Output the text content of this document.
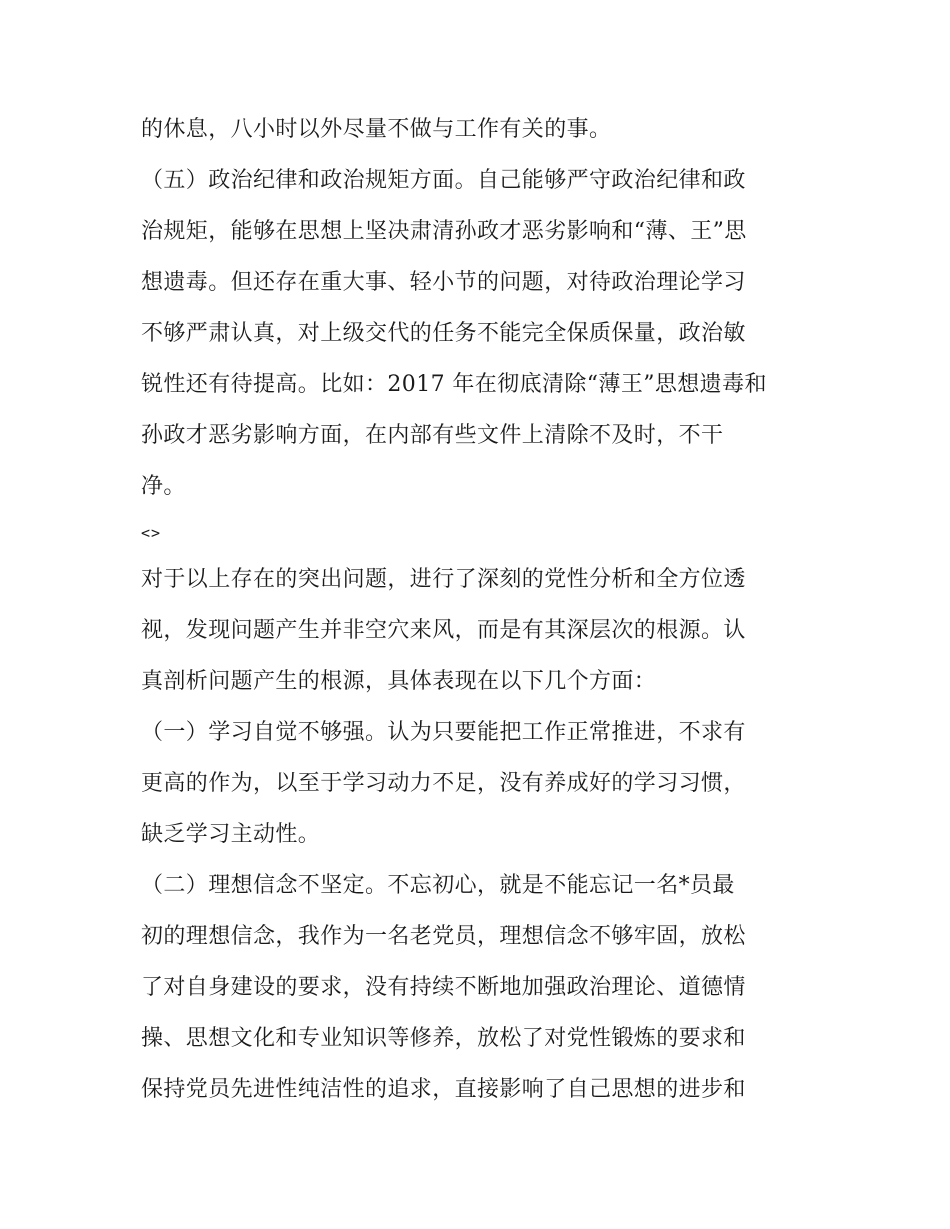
的休息，八小时以外尽量不做与工作有关的事。
（五）政治纪律和政治规矩方面。自己能够严守政治纪律和政
治规矩，能够在思想上坚决肃清孙政才恶劣影响和“薄、王”思
想遗毒。但还存在重大事、轻小节的问题，对待政治理论学习
不够严肃认真，对上级交代的任务不能完全保质保量，政治敏
锐性还有待提高。比如：2017 年在彻底清除“薄王”思想遗毒和
孙政才恶劣影响方面，在内部有些文件上清除不及时，不干
净。
<>
对于以上存在的突出问题，进行了深刻的党性分析和全方位透
视，发现问题产生并非空穴来风，而是有其深层次的根源。认
真剖析问题产生的根源，具体表现在以下几个方面：
（一）学习自觉不够强。认为只要能把工作正常推进，不求有
更高的作为，以至于学习动力不足，没有养成好的学习习惯，
缺乏学习主动性。
（二）理想信念不坚定。不忘初心，就是不能忘记一名*员最
初的理想信念，我作为一名老党员，理想信念不够牢固，放松
了对自身建设的要求，没有持续不断地加强政治理论、道德情
操、思想文化和专业知识等修养，放松了对党性锻炼的要求和
保持党员先进性纯洁性的追求，直接影响了自己思想的进步和
